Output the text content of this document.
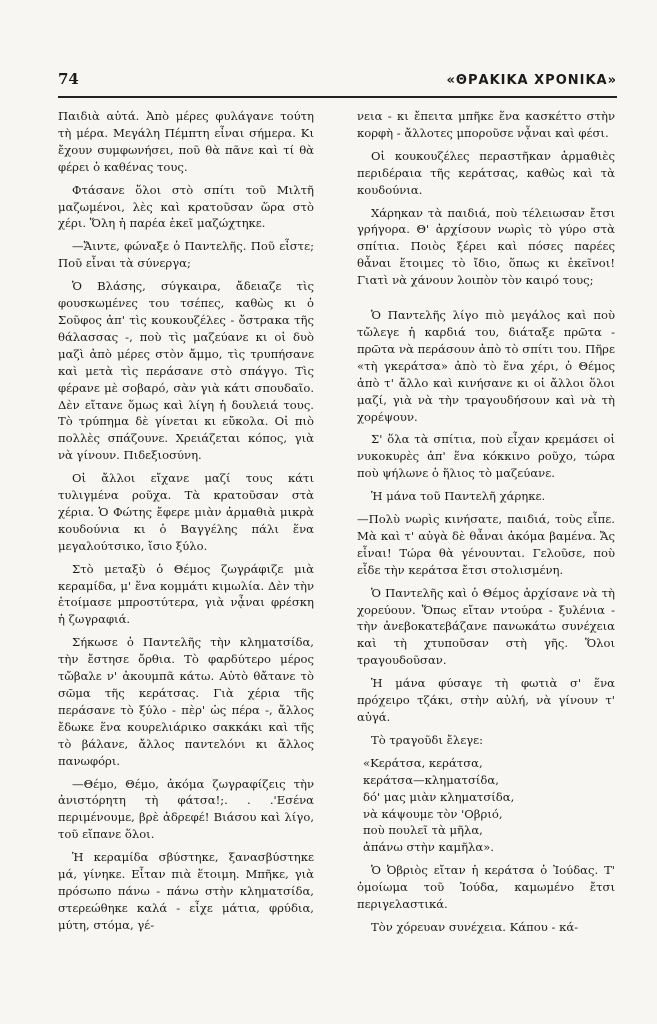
74	«ΘΡΑΚΙΚΑ ΧΡΟΝΙΚΑ»

Παιδιὰ αὐτά. Ἀπὸ μέρες φυλάγανε τούτη τὴ μέρα. Μεγάλη Πέμπτη εἶναι σήμερα. Κι ἔχουν συμφωνήσει, ποῦ θὰ πᾶνε καὶ τί θὰ φέρει ὁ καθένας τους.

Φτάσανε ὅλοι στὸ σπίτι τοῦ Μιλτῆ μαζωμένοι, λὲς καὶ κρατοῦσαν ὥρα στὸ χέρι. Ὅλη ἡ παρέα ἐκεῖ μαζώχτηκε.

—Ἄιντε, φώναξε ὁ Παντελῆς. Ποῦ εἶστε; Ποῦ εἶναι τὰ σύνεργα;

Ὁ Βλάσης, σύγκαιρα, ἄδειαζε τὶς φουσκωμένες του τσέπες, καθὼς κι ὁ Σοῦφος ἀπ' τὶς κουκουζέλες - ὄστρακα τῆς θάλασσας -, ποὺ τὶς μαζεύανε κι οἱ δυὸ μαζὶ ἀπὸ μέρες στὸν ἄμμο, τὶς τρυπήσανε καὶ μετὰ τὶς περάσανε στὸ σπάγγο. Τὶς φέρανε μὲ σοβαρό, σὰν γιὰ κάτι σπουδαῖο. Δὲν εἴτανε ὅμως καὶ λίγη ἡ δουλειά τους. Τὸ τρύπημα δὲ γίνεται κι εὔκολα. Οἱ πιὸ πολλὲς σπάζουνε. Χρειάζεται κόπος, γιὰ νὰ γίνουν. Πιδεξιοσύνη.

Οἱ ἄλλοι εἴχανε μαζί τους κάτι τυλιγμένα ροῦχα. Τὰ κρατοῦσαν στὰ χέρια. Ὁ Φώτης ἔφερε μιὰν ἁρμαθιὰ μικρὰ κουδούνια κι ὁ Βαγγέλης πάλι ἕνα μεγαλούτσικο, ἴσιο ξύλο.

Στὸ μεταξὺ ὁ Θέμος ζωγράφιζε μιὰ κεραμίδα, μ' ἕνα κομμάτι κιμωλία. Δὲν τὴν ἑτοίμασε μπροστύτερα, γιὰ νᾆναι φρέσκη ἡ ζωγραφιά.

Σήκωσε ὁ Παντελῆς τὴν κληματσίδα, τὴν ἔστησε ὄρθια. Τὸ φαρδύτερο μέρος τὤβαλε ν' ἀκουμπᾶ κάτω. Αὐτὸ θἄτανε τὸ σῶμα τῆς κεράτσας. Γιὰ χέρια τῆς περάσανε τὸ ξύλο - πὲρ' ὡς πέρα -, ἄλλος ἔδωκε ἕνα κουρελιάρικο σακκάκι καὶ τῆς τὸ βάλανε, ἄλλος παντελόνι κι ἄλλος πανωφόρι.

—Θέμο, Θέμο, ἀκόμα ζωγραφίζεις τὴν ἀνιστόρητη τὴ φάτσα!;. . .'Εσένα περιμένουμε, βρὲ ἀδρεφέ! Βιάσου καὶ λίγο, τοῦ εἴπανε ὅλοι.

Ἡ κεραμίδα σβύστηκε, ξανασβύστηκε μά, γίνηκε. Εἶταν πιὰ ἕτοιμη. Μπῆκε, γιὰ πρόσωπο πάνω - πάνω στὴν κληματσίδα, στερεώθηκε καλά - εἶχε μάτια, φρύδια, μύτη, στόμα, γέ-

νεια - κι ἔπειτα μπῆκε ἕνα κασκέττο στὴν κορφὴ - ἄλλοτες μποροῦσε νᾆναι καὶ φέσι.

Οἱ κουκουζέλες περαστῆκαν ἁρμαθιὲς περιδέραια τῆς κεράτσας, καθὼς καὶ τὰ κουδούνια.

Χάρηκαν τὰ παιδιά, ποὺ τέλειωσαν ἔτσι γρήγορα. Θ' ἀρχίσουν νωρὶς τὸ γύρο στὰ σπίτια. Ποιὸς ξέρει καὶ πόσες παρέες θἆναι ἕτοιμες τὸ ἴδιο, ὅπως κι ἐκεῖνοι! Γιατὶ νὰ χάνουν λοιπὸν τὸν καιρό τους;

Ὁ Παντελῆς λίγο πιὸ μεγάλος καὶ ποὺ τὤλεγε ἡ καρδιά του, διάταξε πρῶτα - πρῶτα νὰ περάσουν ἀπὸ τὸ σπίτι του. Πῆρε «τὴ γκεράτσα» ἀπὸ τὸ ἕνα χέρι, ὁ Θέμος ἀπὸ τ' ἄλλο καὶ κινήσανε κι οἱ ἄλλοι ὅλοι μαζί, γιὰ νὰ τὴν τραγουδήσουν καὶ νὰ τὴ χορέψουν.

Σ' ὅλα τὰ σπίτια, ποὺ εἶχαν κρεμάσει οἱ νυκοκυρὲς ἀπ' ἕνα κόκκινο ροῦχο, τώρα ποὺ ψήλωνε ὁ ἥλιος τὸ μαζεύανε.

Ἡ μάνα τοῦ Παντελῆ χάρηκε.

—Πολὺ νωρὶς κινήσατε, παιδιά, τοὺς εἶπε. Μὰ καὶ τ' αὐγὰ δὲ θἆναι ἀκόμα βαμένα. Ἄς εἶναι! Τώρα θὰ γένουνται. Γελοῦσε, ποὺ εἶδε τὴν κεράτσα ἔτσι στολισμένη.

Ὁ Παντελῆς καὶ ὁ Θέμος ἀρχίσανε νὰ τὴ χορεύουν. Ὅπως εἴταν ντούρα - ξυλένια - τὴν ἀνεβοκατεβάζανε πανωκάτω συνέχεια καὶ τὴ χτυποῦσαν στὴ γῆς. Ὅλοι τραγουδοῦσαν.

Ἡ μάνα φύσαγε τὴ φωτιὰ σ' ἕνα πρόχειρο τζάκι, στὴν αὐλή, νὰ γίνουν τ' αὐγά.

Τὸ τραγοῦδι ἔλεγε:

«Κεράτσα, κεράτσα,
κεράτσα—κληματσίδα,
δό' μας μιὰν κληματσίδα,
νὰ κάψουμε τὸν 'Οβριό,
ποὺ πουλεῖ τὰ μῆλα,
ἀπάνω στὴν καμῆλα».

Ὁ Ὀβριὸς εἴταν ἡ κεράτσα ὁ Ἰούδας. Τ' ὁμοίωμα τοῦ Ἰούδα, καμωμένο ἔτσι περιγελαστικά.

Τὸν χόρευαν συνέχεια. Κάπου - κά-
